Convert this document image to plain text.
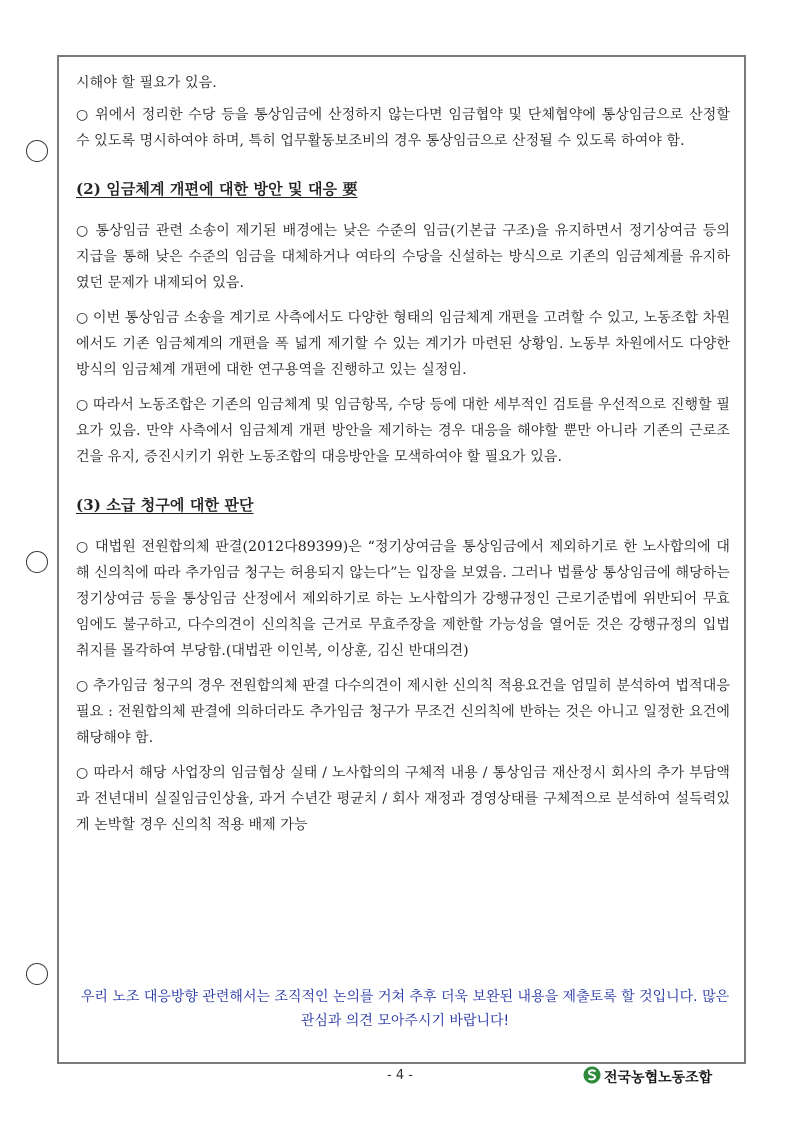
시해야 할 필요가 있음.

○ 위에서 정리한 수당 등을 통상임금에 산정하지 않는다면 임금협약 및 단체협약에 통상임금으로 산정할 수 있도록 명시하여야 하며, 특히 업무활동보조비의 경우 통상임금으로 산정될 수 있도록 하여야 함.

(2) 임금체계 개편에 대한 방안 및 대응 要

○ 통상임금 관련 소송이 제기된 배경에는 낮은 수준의 임금(기본급 구조)을 유지하면서 정기상여금 등의 지급을 통해 낮은 수준의 임금을 대체하거나 여타의 수당을 신설하는 방식으로 기존의 임금체계를 유지하였던 문제가 내제되어 있음.

○ 이번 통상임금 소송을 계기로 사측에서도 다양한 형태의 임금체계 개편을 고려할 수 있고, 노동조합 차원에서도 기존 임금체계의 개편을 폭 넓게 제기할 수 있는 계기가 마련된 상황임. 노동부 차원에서도 다양한 방식의 임금체계 개편에 대한 연구용역을 진행하고 있는 실정임.

○ 따라서 노동조합은 기존의 임금체계 및 임금항목, 수당 등에 대한 세부적인 검토를 우선적으로 진행할 필요가 있음. 만약 사측에서 임금체계 개편 방안을 제기하는 경우 대응을 해야할 뿐만 아니라 기존의 근로조건을 유지, 증진시키기 위한 노동조합의 대응방안을 모색하여야 할 필요가 있음.

(3) 소급 청구에 대한 판단

○ 대법원 전원합의체 판결(2012다89399)은 “정기상여금을 통상임금에서 제외하기로 한 노사합의에 대해 신의칙에 따라 추가임금 청구는 허용되지 않는다”는 입장을 보였음. 그러나 법률상 통상임금에 해당하는 정기상여금 등을 통상임금 산정에서 제외하기로 하는 노사합의가 강행규정인 근로기준법에 위반되어 무효임에도 불구하고, 다수의견이 신의칙을 근거로 무효주장을 제한할 가능성을 열어둔 것은 강행규정의 입법취지를 몰각하여 부당함.(대법관 이인복, 이상훈, 김신 반대의견)

○ 추가임금 청구의 경우 전원합의체 판결 다수의견이 제시한 신의칙 적용요건을 엄밀히 분석하여 법적대응 필요 : 전원합의체 판결에 의하더라도 추가임금 청구가 무조건 신의칙에 반하는 것은 아니고 일정한 요건에 해당해야 함.

○ 따라서 해당 사업장의 임금협상 실태 / 노사합의의 구체적 내용 / 통상임금 재산정시 회사의 추가 부담액과 전년대비 실질임금인상율, 과거 수년간 평균치 / 회사 재정과 경영상태를 구체적으로 분석하여 설득력있게 논박할 경우 신의칙 적용 배제 가능

우리 노조 대응방향 관련해서는 조직적인 논의를 거쳐 추후 더욱 보완된 내용을 제출토록 할 것입니다. 많은 관심과 의견 모아주시기 바랍니다!
- 4 -	전국농협노동조합
